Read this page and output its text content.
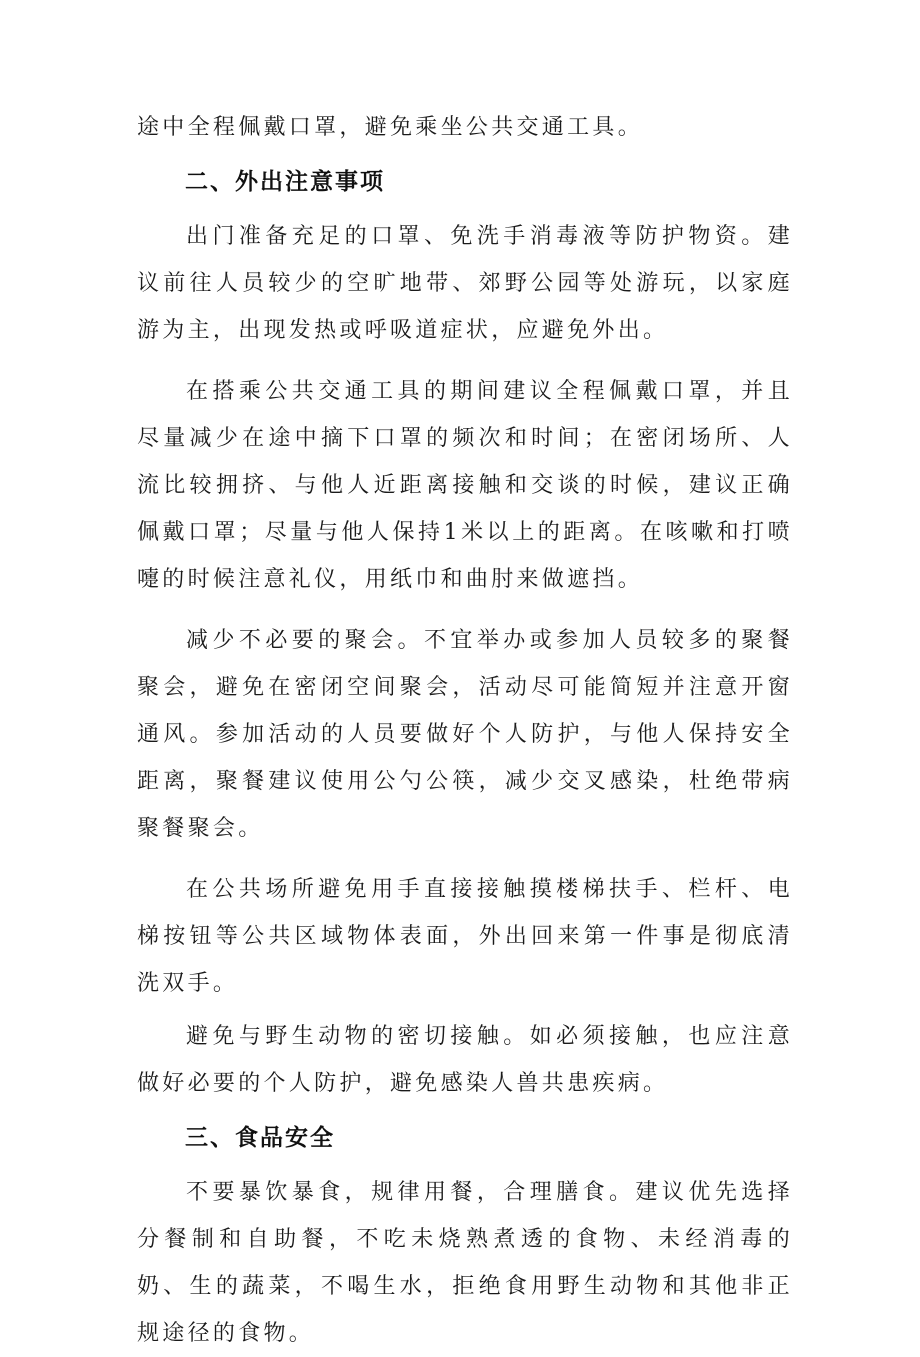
途中全程佩戴口罩，避免乘坐公共交通工具。

二、外出注意事项

出门准备充足的口罩、免洗手消毒液等防护物资。建议前往人员较少的空旷地带、郊野公园等处游玩，以家庭游为主，出现发热或呼吸道症状，应避免外出。

在搭乘公共交通工具的期间建议全程佩戴口罩，并且尽量减少在途中摘下口罩的频次和时间；在密闭场所、人流比较拥挤、与他人近距离接触和交谈的时候，建议正确佩戴口罩；尽量与他人保持1米以上的距离。在咳嗽和打喷嚏的时候注意礼仪，用纸巾和曲肘来做遮挡。

减少不必要的聚会。不宜举办或参加人员较多的聚餐聚会，避免在密闭空间聚会，活动尽可能简短并注意开窗通风。参加活动的人员要做好个人防护，与他人保持安全距离，聚餐建议使用公勺公筷，减少交叉感染，杜绝带病聚餐聚会。

在公共场所避免用手直接接触摸楼梯扶手、栏杆、电梯按钮等公共区域物体表面，外出回来第一件事是彻底清洗双手。

避免与野生动物的密切接触。如必须接触，也应注意做好必要的个人防护，避免感染人兽共患疾病。

三、食品安全

不要暴饮暴食，规律用餐，合理膳食。建议优先选择分餐制和自助餐，不吃未烧熟煮透的食物、未经消毒的奶、生的蔬菜，不喝生水，拒绝食用野生动物和其他非正规途径的食物。
